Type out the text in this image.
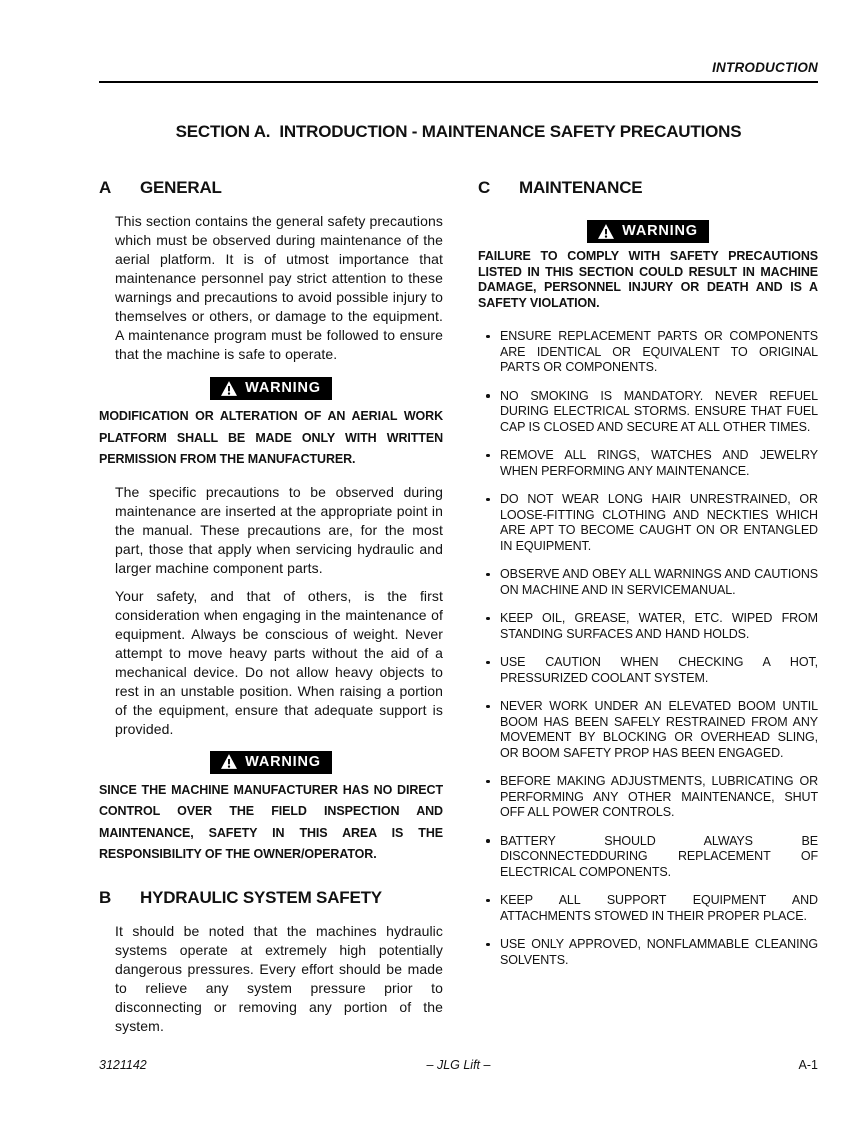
INTRODUCTION
SECTION A.  INTRODUCTION - MAINTENANCE SAFETY PRECAUTIONS
A	GENERAL

This section contains the general safety precautions which must be observed during maintenance of the aerial platform. It is of utmost importance that maintenance personnel pay strict attention to these warnings and precautions to avoid possible injury to themselves or others, or damage to the equipment. A maintenance program must be followed to ensure that the machine is safe to operate.

WARNING

MODIFICATION OR ALTERATION OF AN AERIAL WORK PLATFORM SHALL BE MADE ONLY WITH WRITTEN PERMISSION FROM THE MANUFACTURER.

The specific precautions to be observed during maintenance are inserted at the appropriate point in the manual. These precautions are, for the most part, those that apply when servicing hydraulic and larger machine component parts.

Your safety, and that of others, is the first consideration when engaging in the maintenance of equipment. Always be conscious of weight. Never attempt to move heavy parts without the aid of a mechanical device. Do not allow heavy objects to rest in an unstable position. When raising a portion of the equipment, ensure that adequate support is provided.

WARNING

SINCE THE MACHINE MANUFACTURER HAS NO DIRECT CONTROL OVER THE FIELD INSPECTION AND MAINTENANCE, SAFETY IN THIS AREA IS THE RESPONSIBILITY OF THE OWNER/OPERATOR.

B	HYDRAULIC SYSTEM SAFETY

It should be noted that the machines hydraulic systems operate at extremely high potentially dangerous pressures. Every effort should be made to relieve any system pressure prior to disconnecting or removing any portion of the system.

C	MAINTENANCE
WARNING

FAILURE TO COMPLY WITH SAFETY PRECAUTIONS LISTED IN THIS SECTION COULD RESULT IN MACHINE DAMAGE, PERSONNEL INJURY OR DEATH AND IS A SAFETY VIOLATION.

ENSURE REPLACEMENT PARTS OR COMPONENTS ARE IDENTICAL OR EQUIVALENT TO ORIGINAL PARTS OR COMPONENTS.
NO SMOKING IS MANDATORY. NEVER REFUEL DURING ELECTRICAL STORMS. ENSURE THAT FUEL CAP IS CLOSED AND SECURE AT ALL OTHER TIMES.
REMOVE ALL RINGS, WATCHES AND JEWELRY WHEN PERFORMING ANY MAINTENANCE.
DO NOT WEAR LONG HAIR UNRESTRAINED, OR LOOSE-FITTING CLOTHING AND NECKTIES WHICH ARE APT TO BECOME CAUGHT ON OR ENTANGLED IN EQUIPMENT.
OBSERVE AND OBEY ALL WARNINGS AND CAUTIONS ON MACHINE AND IN SERVICEMANUAL.
KEEP OIL, GREASE, WATER, ETC. WIPED FROM STANDING SURFACES AND HAND HOLDS.
USE CAUTION WHEN CHECKING A HOT, PRESSURIZED COOLANT SYSTEM.
NEVER WORK UNDER AN ELEVATED BOOM UNTIL BOOM HAS BEEN SAFELY RESTRAINED FROM ANY MOVEMENT BY BLOCKING OR OVERHEAD SLING, OR BOOM SAFETY PROP HAS BEEN ENGAGED.
BEFORE MAKING ADJUSTMENTS, LUBRICATING OR PERFORMING ANY OTHER MAINTENANCE, SHUT OFF ALL POWER CONTROLS.
BATTERY SHOULD ALWAYS BE DISCONNECTEDDURING REPLACEMENT OF ELECTRICAL COMPONENTS.
KEEP ALL SUPPORT EQUIPMENT AND ATTACHMENTS STOWED IN THEIR PROPER PLACE.
USE ONLY APPROVED, NONFLAMMABLE CLEANING SOLVENTS.
3121142	– JLG Lift –	A-1
